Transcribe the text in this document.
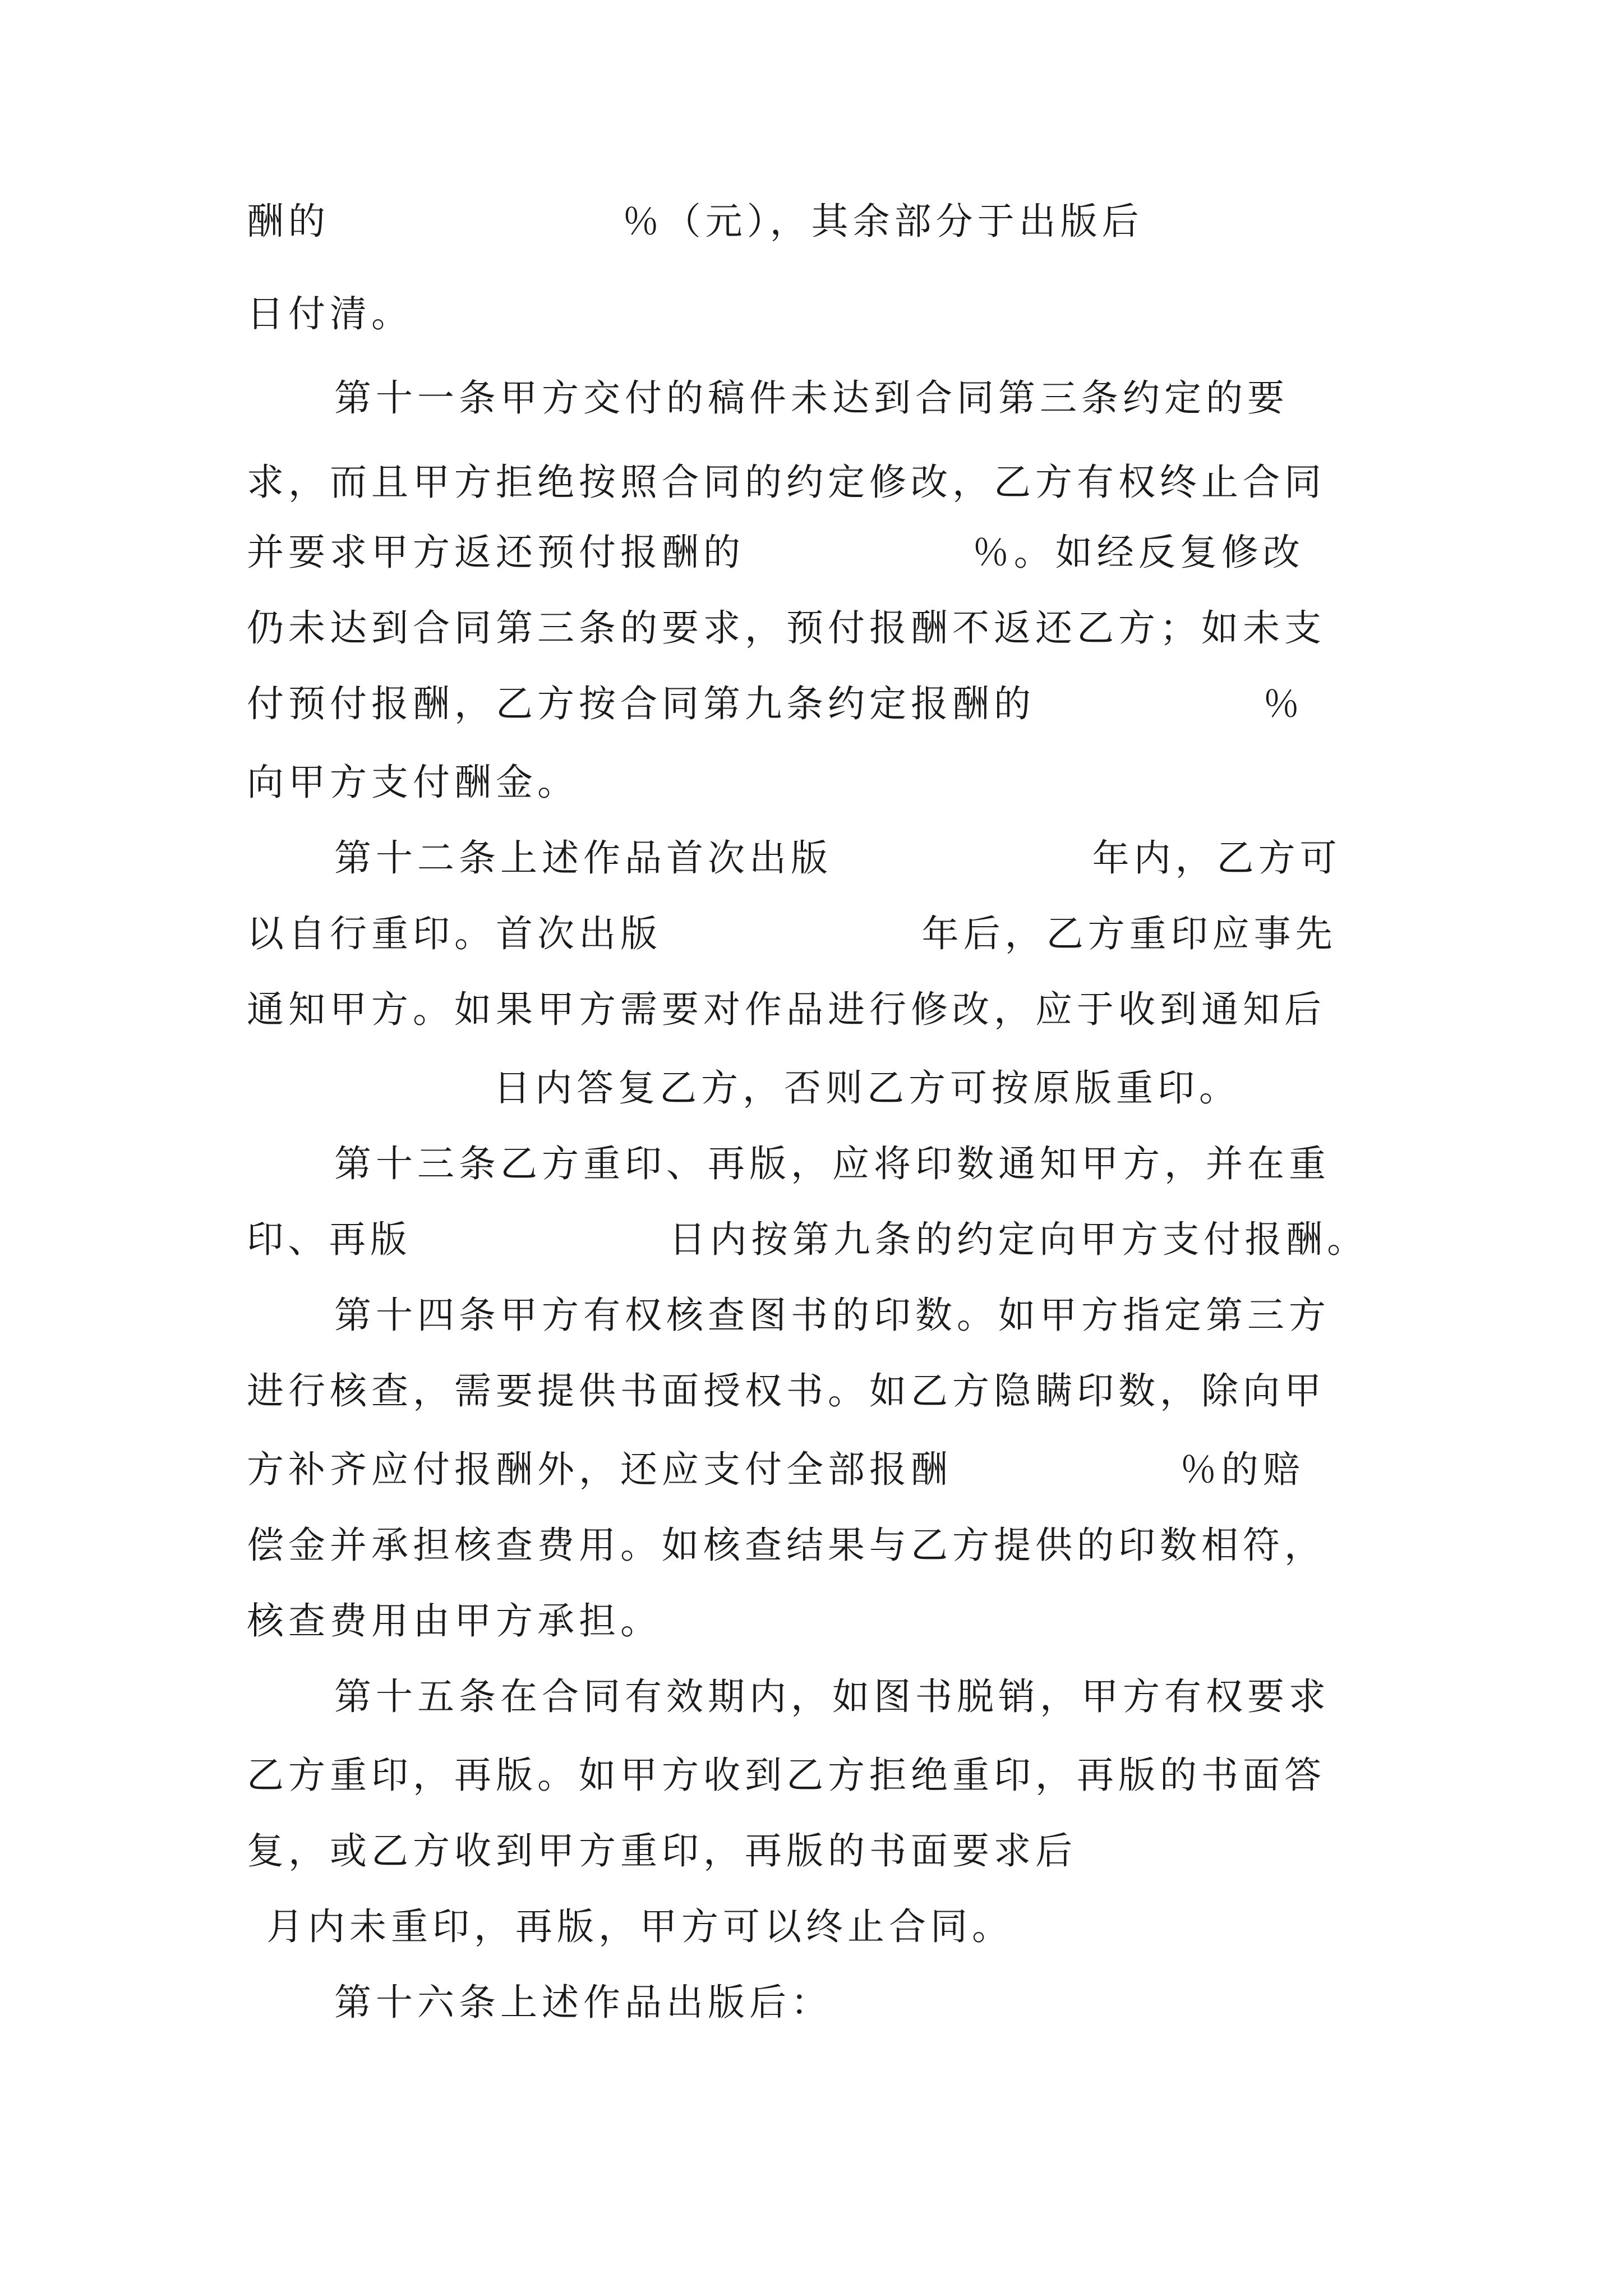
酬的                  ％（元），其余部分于出版后

日付清。

第十一条甲方交付的稿件未达到合同第三条约定的要

求，而且甲方拒绝按照合同的约定修改，乙方有权终止合同

并要求甲方返还预付报酬的              ％。如经反复修改

仍未达到合同第三条的要求，预付报酬不返还乙方；如未支

付预付报酬，乙方按合同第九条约定报酬的              ％

向甲方支付酬金。

第十二条上述作品首次出版                年内，乙方可

以自行重印。首次出版                年后，乙方重印应事先

通知甲方。如果甲方需要对作品进行修改，应于收到通知后

日内答复乙方，否则乙方可按原版重印。

第十三条乙方重印、再版，应将印数通知甲方，并在重

印、再版                日内按第九条的约定向甲方支付报酬。

第十四条甲方有权核查图书的印数。如甲方指定第三方

进行核查，需要提供书面授权书。如乙方隐瞒印数，除向甲

方补齐应付报酬外，还应支付全部报酬              ％的赔

偿金并承担核查费用。如核查结果与乙方提供的印数相符，

核查费用由甲方承担。

第十五条在合同有效期内，如图书脱销，甲方有权要求

乙方重印，再版。如甲方收到乙方拒绝重印，再版的书面答

复，或乙方收到甲方重印，再版的书面要求后

月内未重印，再版，甲方可以终止合同。

第十六条上述作品出版后：
